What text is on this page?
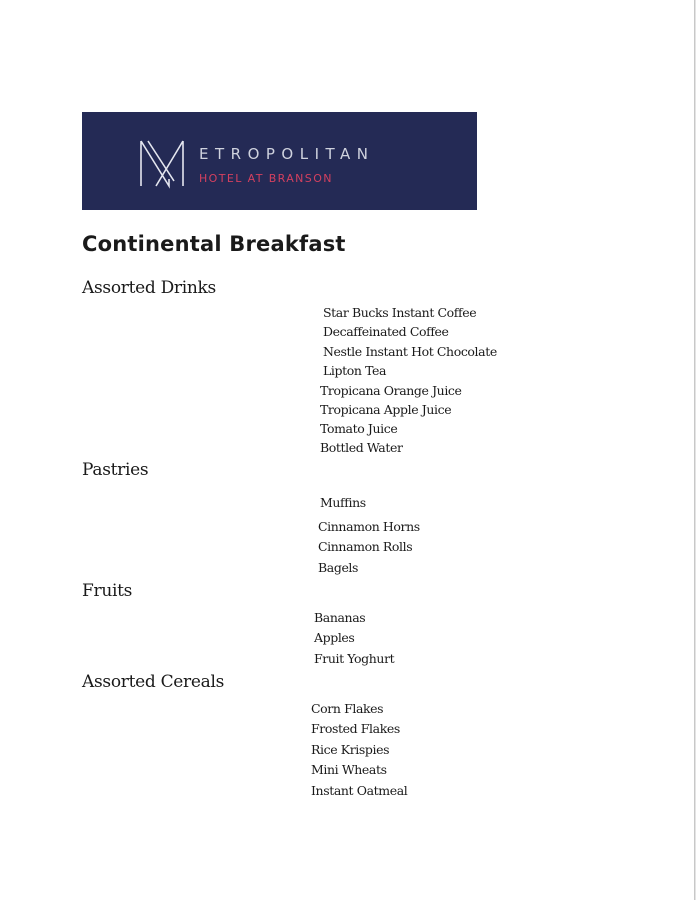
ETROPOLITAN
HOTEL AT BRANSON
Continental Breakfast
Assorted Drinks
Star Bucks Instant Coffee
Decaffeinated Coffee
Nestle Instant Hot Chocolate
Lipton Tea
Tropicana Orange Juice
Tropicana Apple Juice
Tomato Juice
Bottled Water
Pastries
Muffins
Cinnamon Horns
Cinnamon Rolls
Bagels
Fruits
Bananas
Apples
Fruit Yoghurt
Assorted Cereals
Corn Flakes
Frosted Flakes
Rice Krispies
Mini Wheats
Instant Oatmeal
